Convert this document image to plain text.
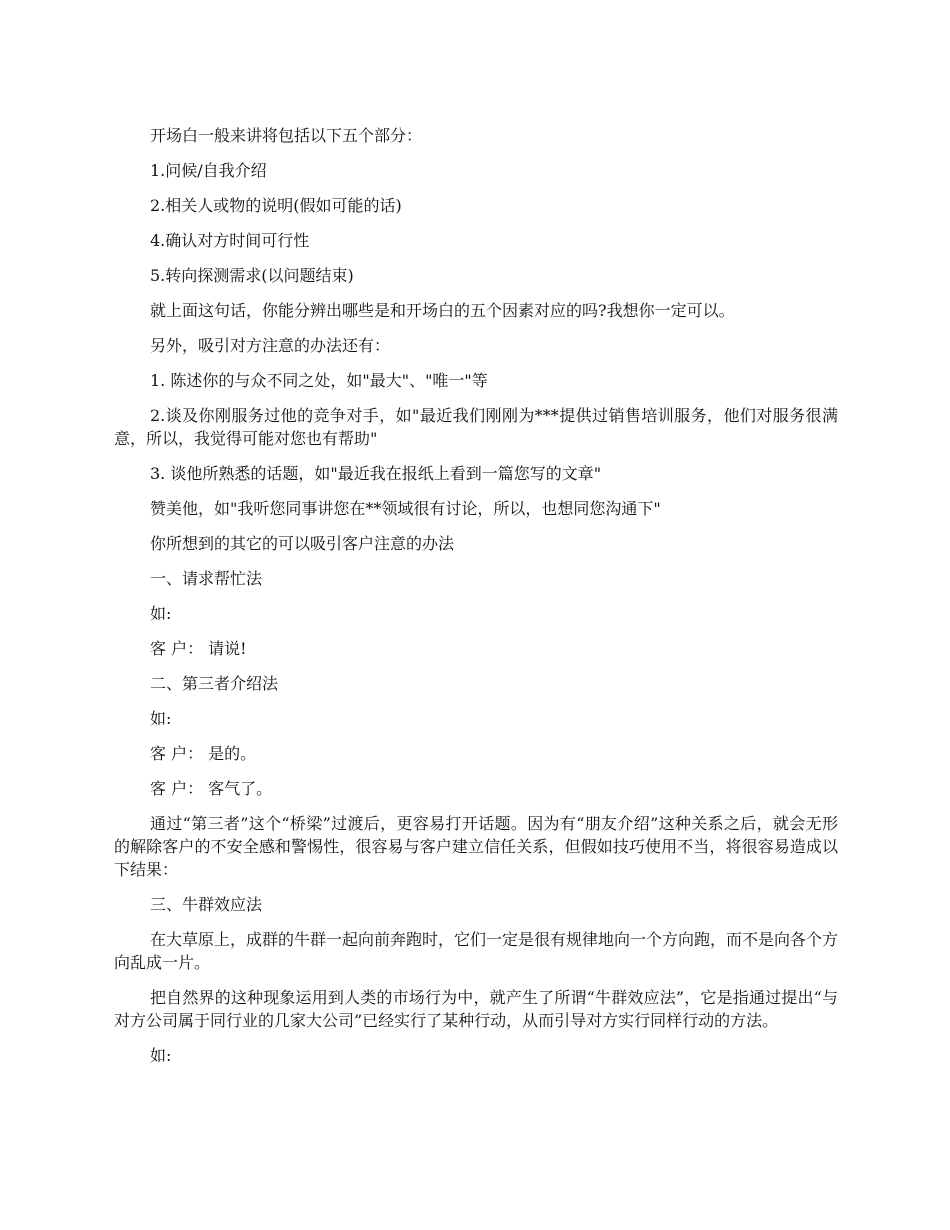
开场白一般来讲将包括以下五个部分：

1.问候/自我介绍

2.相关人或物的说明(假如可能的话)

4.确认对方时间可行性

5.转向探测需求(以问题结束)

就上面这句话，你能分辨出哪些是和开场白的五个因素对应的吗?我想你一定可以。

另外，吸引对方注意的办法还有：

1. 陈述你的与众不同之处，如"最大"、"唯一"等

2.谈及你刚服务过他的竞争对手，如"最近我们刚刚为***提供过销售培训服务，他们对服务很满意，所以，我觉得可能对您也有帮助"

3. 谈他所熟悉的话题，如"最近我在报纸上看到一篇您写的文章"

赞美他，如"我听您同事讲您在**领域很有讨论，所以，也想同您沟通下"

你所想到的其它的可以吸引客户注意的办法

一、请求帮忙法

如:

客 户： 请说!

二、第三者介绍法

如:

客 户： 是的。

客 户： 客气了。

通过“第三者”这个“桥梁”过渡后，更容易打开话题。因为有“朋友介绍”这种关系之后，就会无形的解除客户的不安全感和警惕性，很容易与客户建立信任关系，但假如技巧使用不当，将很容易造成以下结果：

三、牛群效应法

在大草原上，成群的牛群一起向前奔跑时，它们一定是很有规律地向一个方向跑，而不是向各个方向乱成一片。

把自然界的这种现象运用到人类的市场行为中，就产生了所谓“牛群效应法”，它是指通过提出“与对方公司属于同行业的几家大公司”已经实行了某种行动，从而引导对方实行同样行动的方法。

如:
